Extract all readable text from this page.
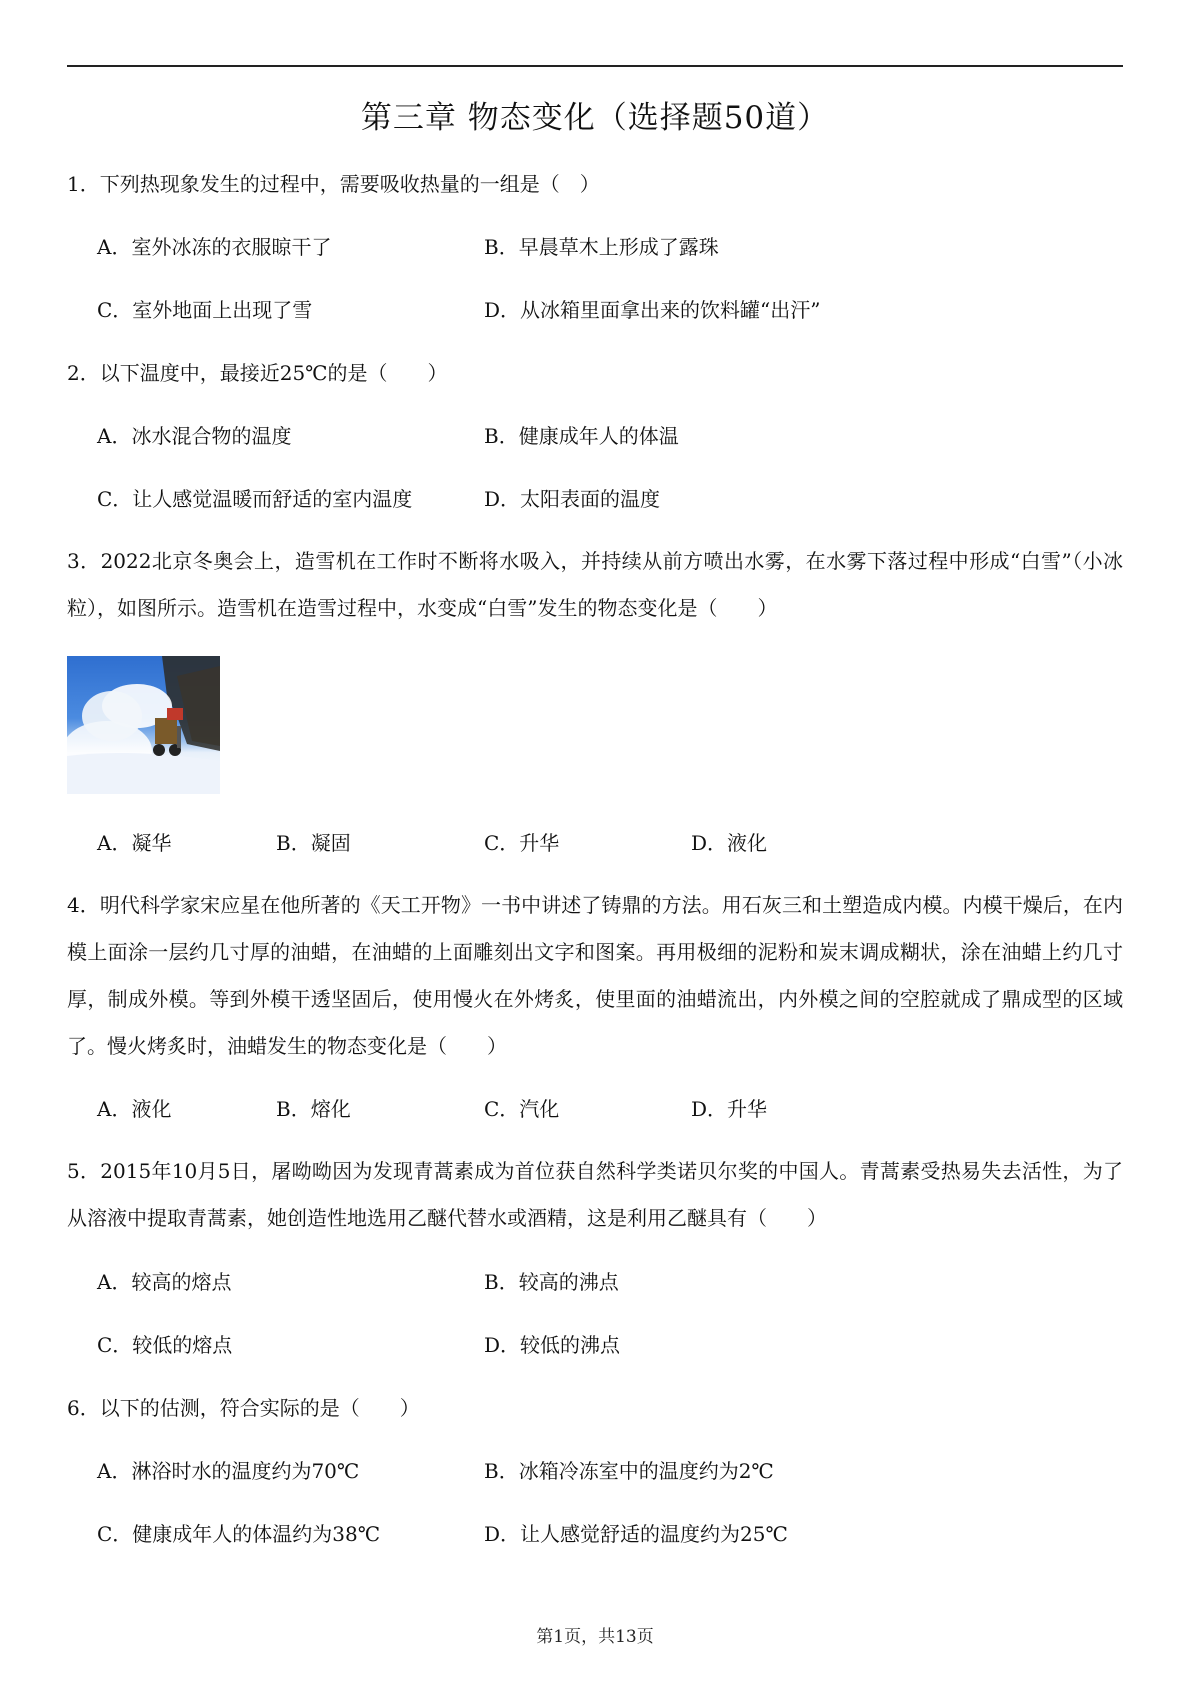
第三章 物态变化（选择题50道）
1．下列热现象发生的过程中，需要吸收热量的一组是（　）
A．室外冰冻的衣服晾干了	B．早晨草木上形成了露珠
C．室外地面上出现了雪	D．从冰箱里面拿出来的饮料罐“出汗”
2．以下温度中，最接近25℃的是（　　）
A．冰水混合物的温度	B．健康成年人的体温
C．让人感觉温暖而舒适的室内温度	D．太阳表面的温度
3．2022北京冬奥会上，造雪机在工作时不断将水吸入，并持续从前方喷出水雾，在水雾下落过程中形成“白雪”（小冰粒），如图所示。造雪机在造雪过程中，水变成“白雪”发生的物态变化是（　　）
A．凝华	B．凝固	C．升华	D．液化
4．明代科学家宋应星在他所著的《天工开物》一书中讲述了铸鼎的方法。用石灰三和土塑造成内模。内模干燥后，在内模上面涂一层约几寸厚的油蜡，在油蜡的上面雕刻出文字和图案。再用极细的泥粉和炭末调成糊状，涂在油蜡上约几寸厚，制成外模。等到外模干透坚固后，使用慢火在外烤炙，使里面的油蜡流出，内外模之间的空腔就成了鼎成型的区域了。慢火烤炙时，油蜡发生的物态变化是（　　）
A．液化	B．熔化	C．汽化	D．升华
5．2015年10月5日，屠呦呦因为发现青蒿素成为首位获自然科学类诺贝尔奖的中国人。青蒿素受热易失去活性，为了从溶液中提取青蒿素，她创造性地选用乙醚代替水或酒精，这是利用乙醚具有（　　）
A．较高的熔点	B．较高的沸点
C．较低的熔点	D．较低的沸点
6．以下的估测，符合实际的是（　　）
A．淋浴时水的温度约为70℃	B．冰箱冷冻室中的温度约为2℃
C．健康成年人的体温约为38℃	D．让人感觉舒适的温度约为25℃
第1页，共13页
